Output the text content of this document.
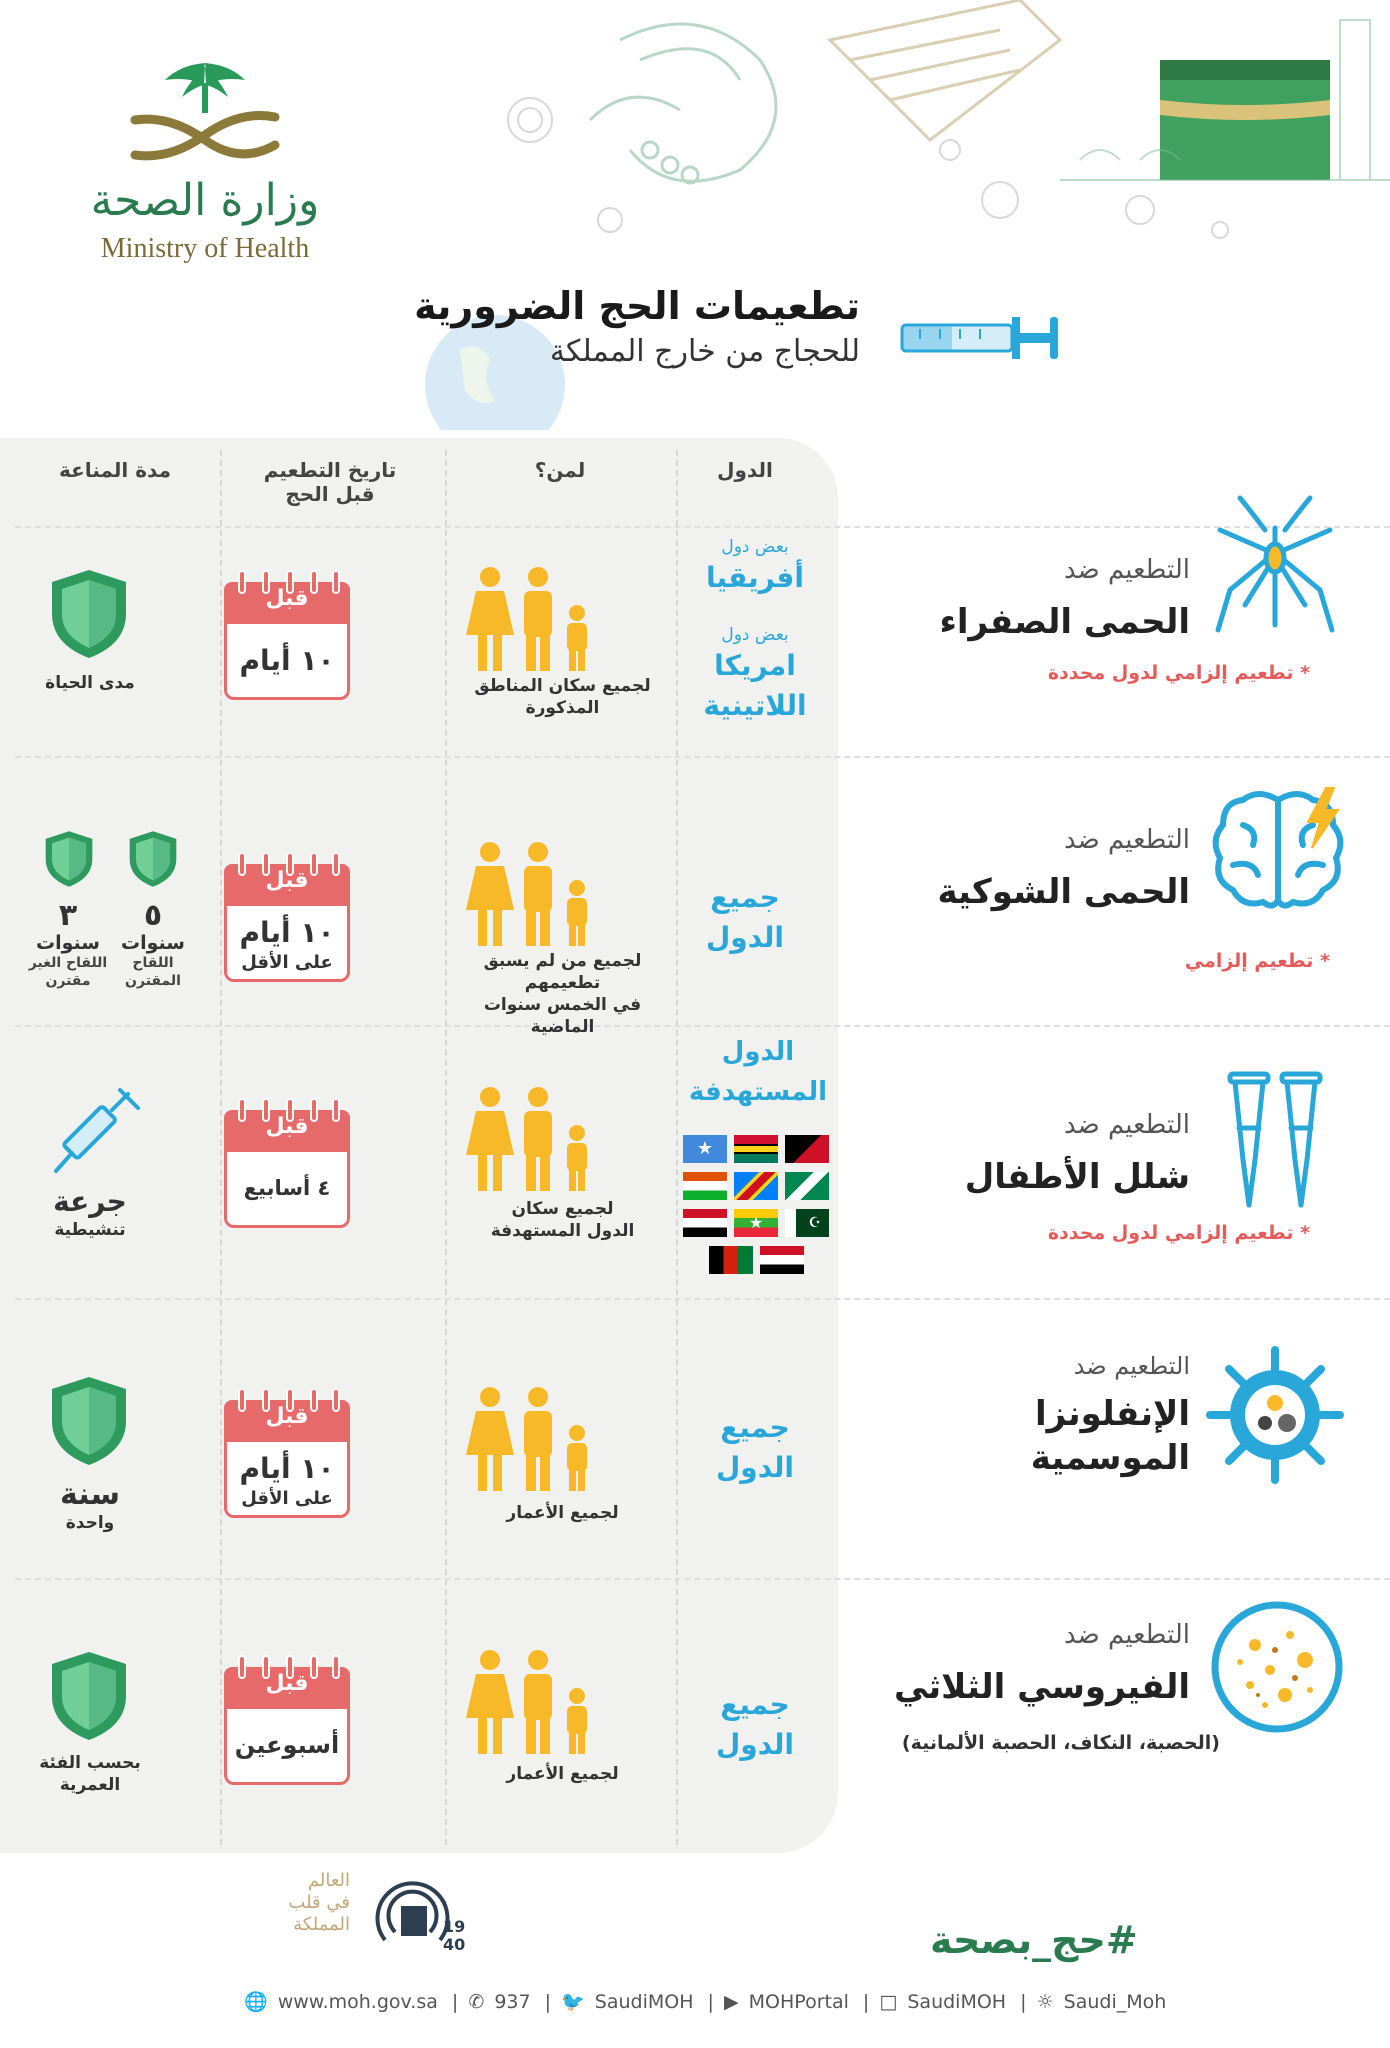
وزارة الصحة
Ministry of Health
تطعيمات الحج الضرورية
للحجاج من خارج المملكة
الدول
لمن؟
تاريخ التطعيم
قبل الحج
مدة المناعة
التطعيم ضد
الحمى الصفراء
* تطعيم إلزامي لدول محددة
بعض دول
أفريقيا
بعض دول
امريكا
اللاتينية
لجميع سكان المناطق
المذكورة
قبل
١٠ أيام
مدى الحياة
التطعيم ضد
الحمى الشوكية
* تطعيم إلزامي
جميع
الدول
لجميع من لم يسبق تطعيمهم
في الخمس سنوات الماضية
قبل
١٠ أيام
على الأقل
٥
سنوات
اللقاح
المقترن
٣
سنوات
اللقاح الغير
مقترن
التطعيم ضد
شلل الأطفال
* تطعيم إلزامي لدول محددة
الدول
المستهدفة
★
☪
★
لجميع سكان
الدول المستهدفة
قبل
٤ أسابيع
جرعة
تنشيطية
التطعيم ضد
الإنفلونزا
الموسمية
جميع
الدول
لجميع الأعمار
قبل
١٠ أيام
على الأقل
سنة
واحدة
التطعيم ضد
الفيروسي الثلاثي
(الحصبة، النكاف، الحصبة الألمانية)
جميع
الدول
لجميع الأعمار
قبل
أسبوعين
بحسب الفئة
العمرية
العالم
في قلب
المملكة	19
40	#حج_بصحة
🌐 www.moh.gov.sa | ✆ 937 | 🐦 SaudiMOH | ▶ MOHPortal | □ SaudiMOH | ☼ Saudi_Moh
